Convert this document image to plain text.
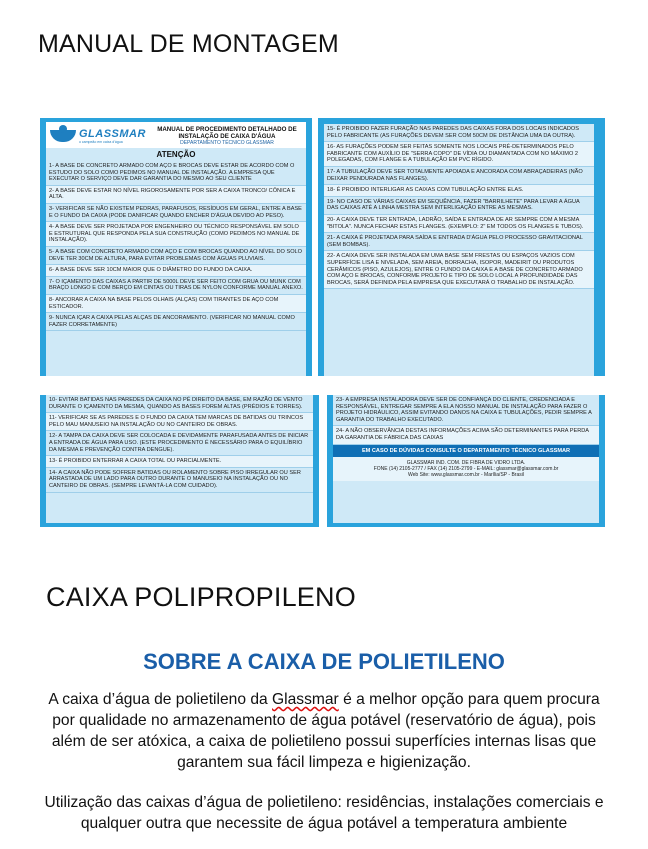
MANUAL DE MONTAGEM
GLASSMAR
o campeão em caixa d'água
MANUAL DE PROCEDIMENTO DETALHADO DE INSTALAÇÃO DE CAIXA D'ÁGUA
DEPARTAMENTO TÉCNICO GLASSMAR
ATENÇÃO
1- A BASE DE CONCRETO ARMADO COM AÇO E BROCAS DEVE ESTAR DE ACORDO COM O ESTUDO DO SOLO COMO PEDIMOS NO MANUAL DE INSTALAÇÃO. A EMPRESA QUE EXECUTAR O SERVIÇO DEVE DAR GARANTIA DO MESMO AO SEU CLIENTE
2- A BASE DEVE ESTAR NO NÍVEL RIGOROSAMENTE POR SER A CAIXA TRONCO/ CÔNICA E ALTA.
3- VERIFICAR SE NÃO EXISTEM PEDRAS, PARAFUSOS, RESÍDUOS EM GERAL, ENTRE A BASE E O FUNDO DA CAIXA (PODE DANIFICAR QUANDO ENCHER D'ÁGUA DEVIDO AO PESO).
4- A BASE DEVE SER PROJETADA POR ENGENHEIRO OU TÉCNICO RESPONSÁVEL EM SOLO E ESTRUTURAL QUE RESPONDA PELA SUA CONSTRUÇÃO (COMO PEDIMOS NO MANUAL DE INSTALAÇÃO).
5- A BASE COM CONCRETO ARMADO COM AÇO E COM BROCAS QUANDO AO NÍVEL DO SOLO DEVE TER 30CM DE ALTURA, PARA EVITAR PROBLEMAS COM ÁGUAS PLUVIAIS.
6- A BASE DEVE SER 10CM MAIOR QUE O DIÂMETRO DO FUNDO DA CAIXA.
7- O IÇAMENTO DAS CAIXAS A PARTIR DE 5000L DEVE SER FEITO COM GRUA OU MUNK COM BRAÇO LONGO E COM BERÇO EM CINTAS OU TIRAS DE NYLON CONFORME MANUAL ANEXO.
8- ANCORAR A CAIXA NA BASE PELOS OLHAIS (ALÇAS) COM TIRANTES DE AÇO COM ESTICADOR.
9- NUNCA IÇAR A CAIXA PELAS ALÇAS DE ANCORAMENTO. (VERIFICAR NO MANUAL COMO FAZER CORRETAMENTE)
15- É PROIBIDO FAZER FURAÇÃO NAS PAREDES DAS CAIXAS FORA DOS LOCAIS INDICADOS PELO FABRICANTE (AS FURAÇÕES DEVEM SER COM 50CM DE DISTÂNCIA UMA DA OUTRA).
16- AS FURAÇÕES PODEM SER FEITAS SOMENTE NOS LOCAIS PRÉ-DETERMINADOS PELO FABRICANTE COM AUXÍLIO DE "SERRA COPO" DE VÍDIA OU DIAMANTADA COM NO MÁXIMO 2 POLEGADAS, COM FLANGE E A TUBULAÇÃO EM PVC RÍGIDO.
17- A TUBULAÇÃO DEVE SER TOTALMENTE APOIADA E ANCORADA COM ABRAÇADEIRAS (NÃO DEIXAR PENDURADA NAS FLANGES).
18- É PROIBIDO INTERLIGAR AS CAIXAS COM TUBULAÇÃO ENTRE ELAS.
19- NO CASO DE VÁRIAS CAIXAS EM SEQUÊNCIA, FAZER "BARRILHETE" PARA LEVAR A ÁGUA DAS CAIXAS ATÉ A LINHA MESTRA SEM INTERLIGAÇÃO ENTRE AS MESMAS.
20- A CAIXA DEVE TER ENTRADA, LADRÃO, SAÍDA E ENTRADA DE AR SEMPRE COM A MESMA "BITOLA". NUNCA FECHAR ESTAS FLANGES. (EXEMPLO: 2" EM TODOS OS FLANGES E TUBOS).
21- A CAIXA É PROJETADA PARA SAÍDA E ENTRADA D'ÁGUA PELO PROCESSO GRAVITACIONAL (SEM BOMBAS).
22- A CAIXA DEVE SER INSTALADA EM UMA BASE SEM FRESTAS OU ESPAÇOS VAZIOS COM SUPERFÍCIE LISA E NIVELADA, SEM AREIA, BORRACHA, ISOPOR, MADEIRIT OU PRODUTOS CERÂMICOS (PISO, AZULEJOS), ENTRE O FUNDO DA CAIXA E A BASE DE CONCRETO ARMADO COM AÇO E BROCAS, CONFORME PROJETO E TIPO DE SOLO LOCAL A PROFUNDIDADE DAS BROCAS, SERÁ DEFINIDA PELA EMPRESA QUE EXECUTARÁ O TRABALHO DE INSTALAÇÃO.
10- EVITAR BATIDAS NAS PAREDES DA CAIXA NO PÉ DIREITO DA BASE, EM RAZÃO DE VENTO DURANTE O IÇAMENTO DA MESMA, QUANDO AS BASES FOREM ALTAS (PRÉDIOS E TORRES).
11- VERIFICAR SE AS PAREDES E O FUNDO DA CAIXA TEM MARCAS DE BATIDAS OU TRINCOS PELO MAU MANUSEIO NA INSTALAÇÃO OU NO CANTEIRO DE OBRAS.
12- A TAMPA DA CAIXA DEVE SER COLOCADA E DEVIDAMENTE PARAFUSADA ANTES DE INICIAR A ENTRADA DE ÁGUA PARA USO. (ESTE PROCEDIMENTO É NECESSÁRIO PARA O EQUILÍBRIO DA MESMA E PREVENÇÃO CONTRA DENGUE).
13- É PROIBIDO ENTERRAR A CAIXA TOTAL OU PARCIALMENTE.
14- A CAIXA NÃO PODE SOFRER BATIDAS OU ROLAMENTO SOBRE PISO IRREGULAR OU SER ARRASTADA DE UM LADO PARA OUTRO DURANTE O MANUSEIO NA INSTALAÇÃO OU NO CANTEIRO DE OBRAS. (SEMPRE LEVANTÁ-LA COM CUIDADO).
23- A EMPRESA INSTALADORA DEVE SER DE CONFIANÇA DO CLIENTE, CREDENCIADA E RESPONSÁVEL, ENTREGAR SEMPRE A ELA NOSSO MANUAL DE INSTALAÇÃO PARA FAZER O PROJETO HIDRÁULICO, ASSIM EVITANDO DANOS NA CAIXA E TUBULAÇÕES, PEDIR SEMPRE A GARANTIA DO TRABALHO EXECUTADO.
24- A NÃO OBSERVÂNCIA DESTAS INFORMAÇÕES ACIMA SÃO DETERMINANTES PARA PERDA DA GARANTIA DE FÁBRICA DAS CAIXAS
EM CASO DE DÚVIDAS CONSULTE O DEPARTAMENTO TÉCNICO GLASSMAR
GLASSMAR IND. COM. DE FIBRA DE VIDRO LTDA.
FONE (14) 2105-2777 / FAX (14) 2105-2799 - E-MAIL: glassmar@glassmar.com.br
Web Site: www.glassmar.com.br - Marília/SP - Brasil
CAIXA POLIPROPILENO
SOBRE A CAIXA DE POLIETILENO

A caixa d’água de polietileno da Glassmar é a melhor opção para quem procura por qualidade no armazenamento de água potável (reservatório de água), pois além de ser atóxica, a caixa de polietileno possui superfícies internas lisas que garantem sua fácil limpeza e higienização.

Utilização das caixas d’água de polietileno: residências, instalações comerciais e qualquer outra que necessite de água potável a temperatura ambiente
